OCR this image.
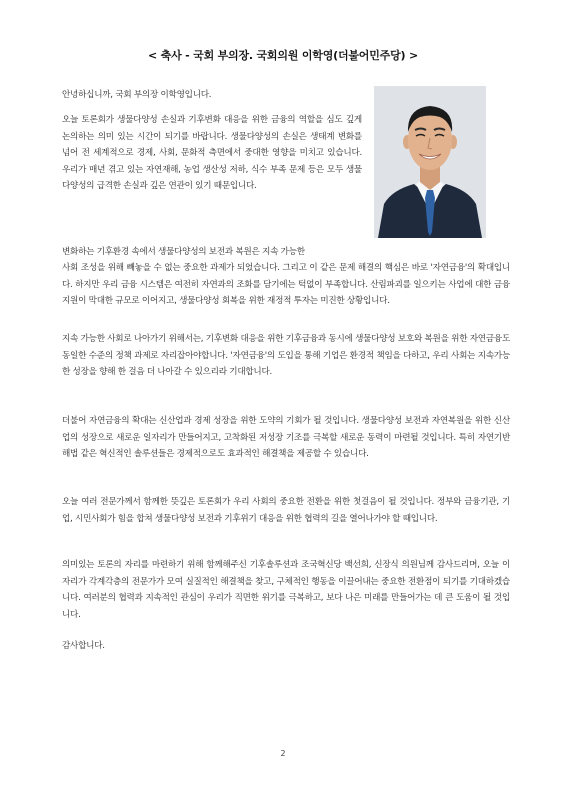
< 축사 - 국회 부의장. 국회의원 이학영(더불어민주당) >

안녕하십니까, 국회 부의장 이학영입니다.

오늘 토론회가 생물다양성 손실과 기후변화 대응을 위한 금융의 역할을 심도 깊게 논의하는 의미 있는 시간이 되기를 바랍니다. 생물다양성의 손실은 생태계 변화를 넘어 전 세계적으로 경제, 사회, 문화적 측면에서 중대한 영향을 미치고 있습니다. 우리가 매년 겪고 있는 자연재해, 농업 생산성 저하, 식수 부족 문제 등은 모두 생물다양성의 급격한 손실과 깊은 연관이 있기 때문입니다.

변화하는 기후환경 속에서 생물다양성의 보전과 복원은 지속 가능한

사회 조성을 위해 빼놓을 수 없는 중요한 과제가 되었습니다. 그리고 이 같은 문제 해결의 핵심은 바로 '자연금융'의 확대입니다. 하지만 우리 금융 시스템은 여전히 자연과의 조화를 담기에는 턱없이 부족합니다. 산림파괴를 일으키는 사업에 대한 금융 지원이 막대한 규모로 이어지고, 생물다양성 회복을 위한 재정적 투자는 미진한 상황입니다.

지속 가능한 사회로 나아가기 위해서는, 기후변화 대응을 위한 기후금융과 동시에 생물다양성 보호와 복원을 위한 자연금융도 동일한 수준의 정책 과제로 자리잡아야합니다. '자연금융'의 도입을 통해 기업은 환경적 책임을 다하고, 우리 사회는 지속가능한 성장을 향해 한 걸음 더 나아갈 수 있으리라 기대합니다.

더불어 자연금융의 확대는 신산업과 경제 성장을 위한 도약의 기회가 될 것입니다. 생물다양성 보전과 자연복원을 위한 신산업의 성장으로 새로운 일자리가 만들어지고, 고착화된 저성장 기조를 극복할 새로운 동력이 마련될 것입니다. 특히 자연기반해법 같은 혁신적인 솔루션들은 경제적으로도 효과적인 해결책을 제공할 수 있습니다.

오늘 여러 전문가께서 함께한 뜻깊은 토론회가 우리 사회의 중요한 전환을 위한 첫걸음이 될 것입니다. 정부와 금융기관, 기업, 시민사회가 힘을 합쳐 생물다양성 보전과 기후위기 대응을 위한 협력의 길을 열어나가야 할 때입니다.

의미있는 토론의 자리를 마련하기 위해 함께해주신 기후솔루션과 조국혁신당 백선희, 신장식 의원님께 감사드리며, 오늘 이 자리가 각계각층의 전문가가 모여 실질적인 해결책을 찾고, 구체적인 행동을 이끌어내는 중요한 전환점이 되기를 기대하겠습니다. 여러분의 협력과 지속적인 관심이 우리가 직면한 위기를 극복하고, 보다 나은 미래를 만들어가는 데 큰 도움이 될 것입니다.

감사합니다.

2
